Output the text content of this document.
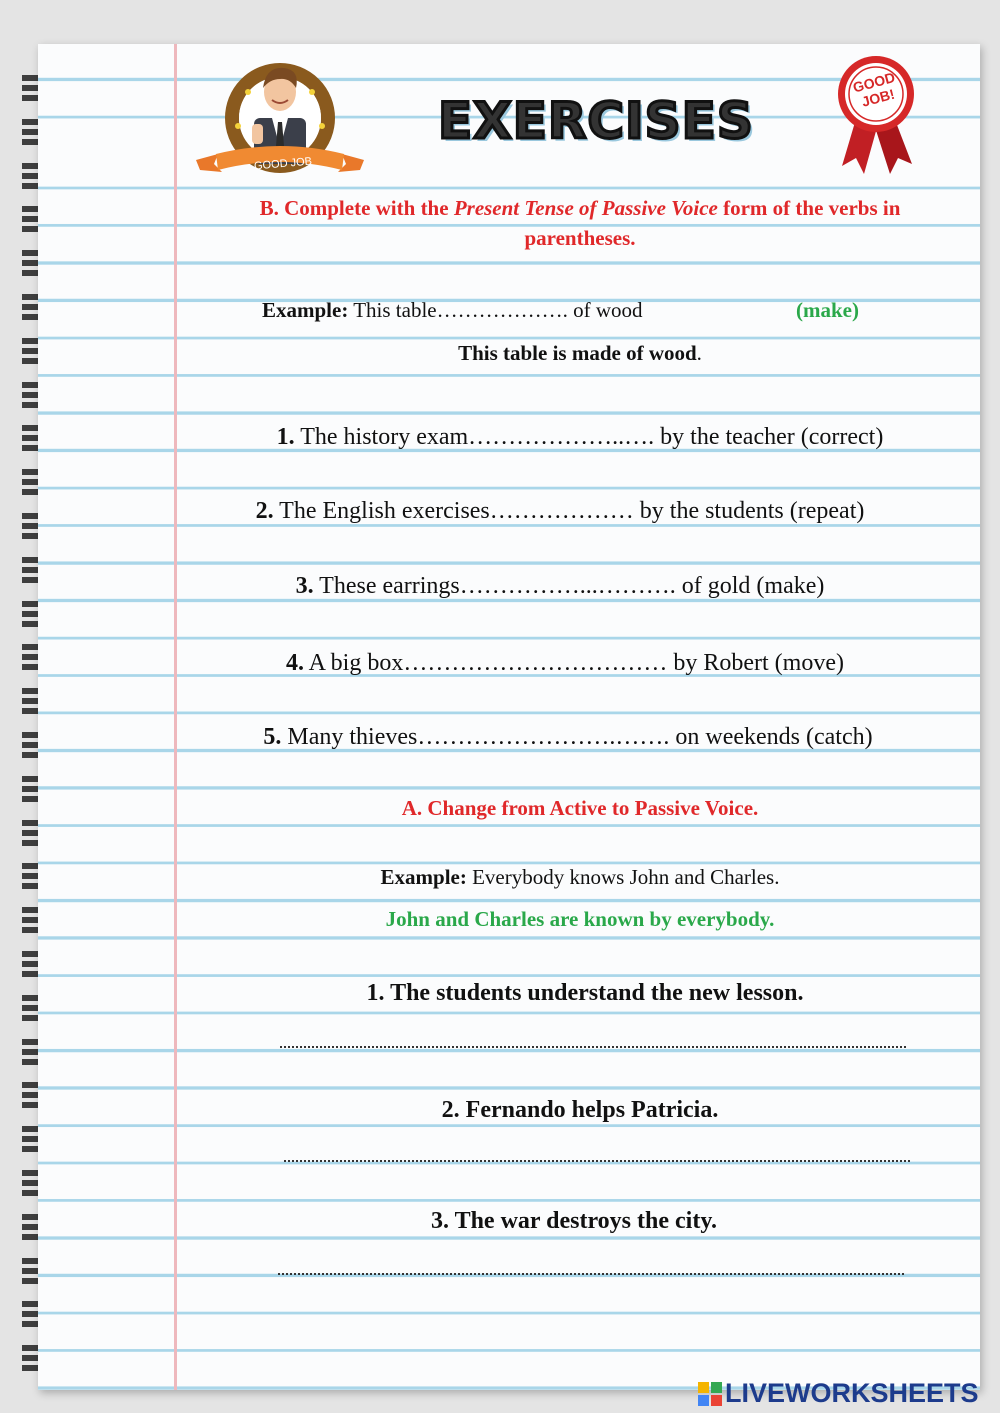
GOOD JOB
EXERCISES
GOOD JOB!
B. Complete with the Present Tense of Passive Voice form of the verbs in
parentheses.
Example: This table………………. of wood	(make)
This table is made of wood.
1. The history exam………………..…. by the teacher (correct)
2. The English exercises……………… by the students (repeat)
3. These earrings……………...………. of gold (make)
4. A big box…………………………… by Robert (move)
5. Many thieves…………………….……. on weekends (catch)
A. Change from Active to Passive Voice.
Example: Everybody knows John and Charles.
John and Charles are known by everybody.
1. The students understand the new lesson.
2. Fernando helps Patricia.
3. The war destroys the city.
LIVEWORKSHEETS
